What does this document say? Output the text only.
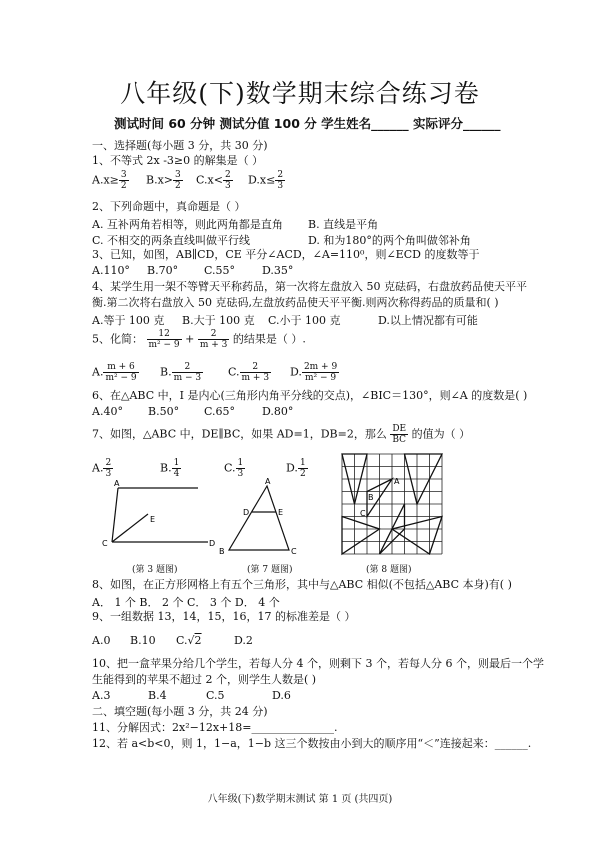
八年级(下)数学期末综合练习卷
测试时间 60 分钟 测试分值 100 分 学生姓名______ 实际评分______
一、选择题(每小题 3 分，共 30 分)
1、不等式 2x -3≥0 的解集是（ ）
$A.x\ge \frac{3}{2} B.x> \frac{3}{2} C.x< \frac{2}{3} D.x\le \frac{2}{3}$
2、下列命题中，真命题是（ ）
A. 互补两角若相等，则此两角都是直角 B. 直线是平角
C. 不相交的两条直线叫做平行线	D. 和为180°的两个角叫做邻补角
3、已知，如图，AB∥CD，CE 平分∠ACD，∠A=110⁰，则∠ECD 的度数等于
A.110° B.70° C.55° D.35°
4、某学生用一架不等臂天平称药品，第一次将左盘放入 50 克砝码，右盘放药品使天平平
衡.第二次将右盘放入 50 克砝码,左盘放药品使天平平衡.则两次称得药品的质量和( )
A.等于 100 克 B.大于 100 克 C.小于 100 克	D.以上情况都有可能
5、化简： $\frac{12}{\text{m² − 9}} + \frac{2}{m + 3}$ 的结果是（ ）.
A. $\frac{m + 6}{\text{m² − 9}} B$. $\frac{2}{m - 3} C$. $\frac{2}{m + 3} D$. $\frac{2m + 9}{\text{m² − 9}}$
6、在△ABC 中，I 是内心(三角形内角平分线的交点)，∠BIC＝130°，则∠A 的度数是( )
A.40° B.50° C.65° D.80°
7、如图，△ABC 中，DE∥BC，如果 AD=1，DB=2，那么 $\frac{DE}{BC}$ 的值为（ ）
A. $\frac{2}{3}$	B. $\frac{1}{4}$	C. $\frac{1}{3}$	D. $\frac{1}{2}$
A
C
E
D
A
D	E
B	C
A
B
C
(第 3 题图)	(第 7 题图)	(第 8 题图)
8、如图，在正方形网格上有五个三角形，其中与△ABC 相似(不包括△ABC 本身)有( )
A． 1 个 B． 2 个 C． 3 个 D． 4 个
9、一组数据 13，14，15，16，17 的标准差是（ ）
A.0 B.10 C.√2	D.2
10、把一盒苹果分给几个学生，若每人分 4 个，则剩下 3 个，若每人分 6 个，则最后一个学
生能得到的苹果不超过 2 个，则学生人数是( )
A.3	B.4	C.5	D.6
二、填空题(每小题 3 分，共 24 分)
11、分解因式：2x²−12x+18=_______________.
12、若 a<b<0，则 1，1−a，1−b 这三个数按由小到大的顺序用“＜”连接起来：______.
八年级(下)数学期末测试 第 1 页 (共四页)
